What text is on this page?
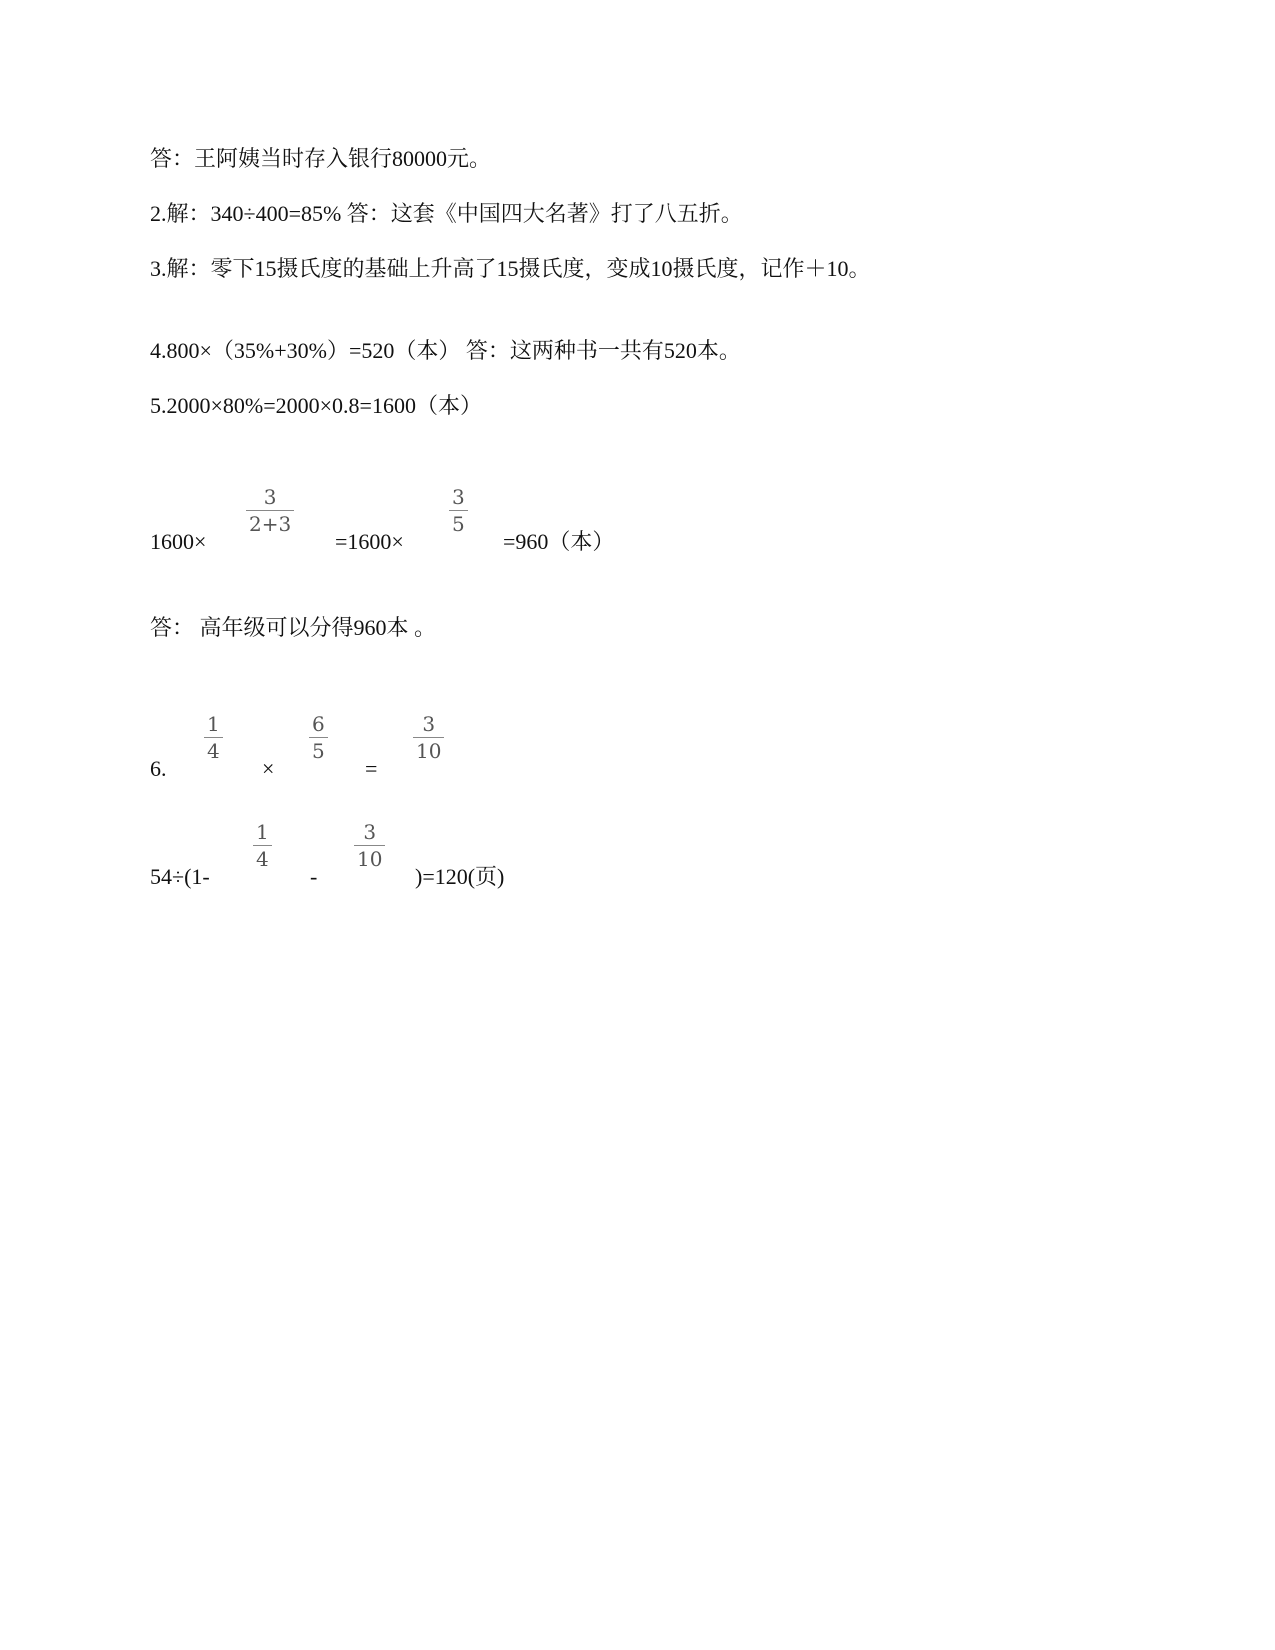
答：王阿姨当时存入银行80000元。
2.解：340÷400=85% 答：这套《中国四大名著》打了八五折。
3.解：零下15摄氏度的基础上升高了15摄氏度，变成10摄氏度，记作＋10。
4.800×（35%+30%）=520（本） 答：这两种书一共有520本。
5.2000×80%=2000×0.8=1600（本）
1600×
3
2+3
=1600×
3
5
=960（本）
答： 高年级可以分得960本 。
6.
1
4
×
6
5
=
3
10
54÷(1-
1
4
-
3
10
)=120(页)
